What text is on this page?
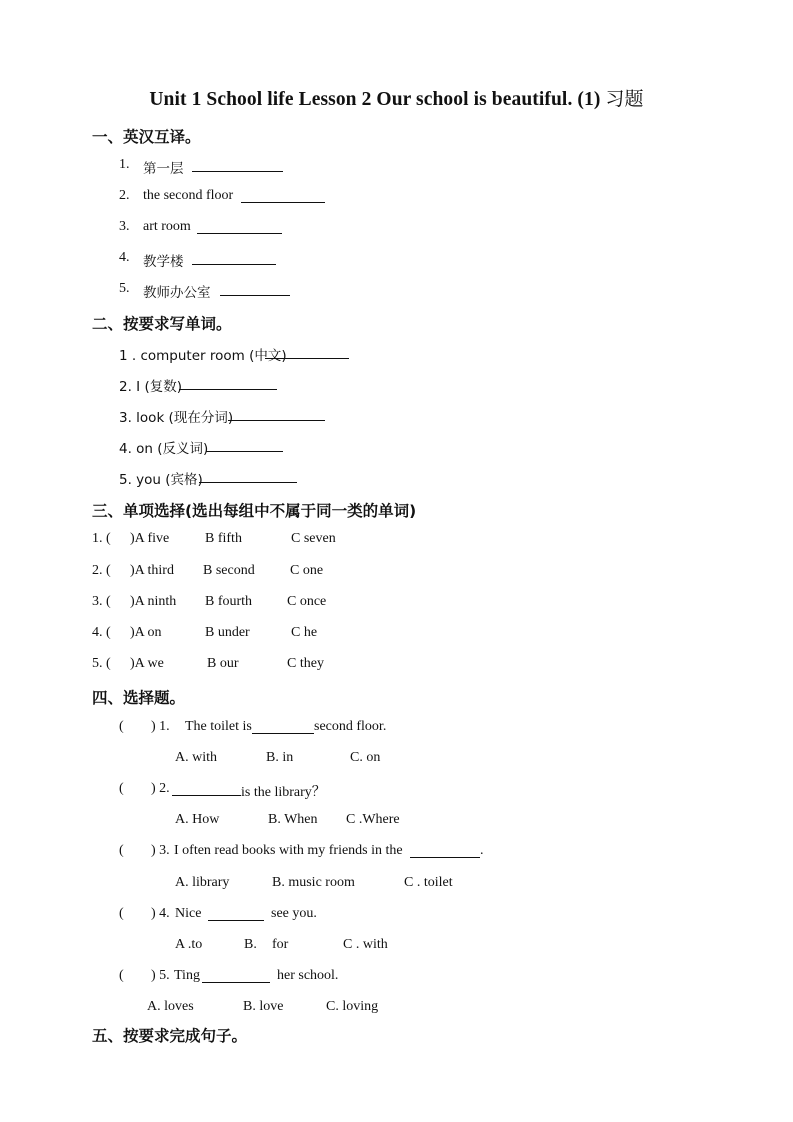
Unit 1 School life Lesson 2 Our school is beautiful. (1) 习题
一、英汉互译。
1. 第一层
2. the second floor
3. art room
4. 教学楼
5. 教师办公室
二、按要求写单词。
1 . computer room (中文)
2. I (复数)
3. look (现在分词)
4. on (反义词)
5. you (宾格)
三、单项选择(选出每组中不属于同一类的单词)
1. ( )A five	B fifth	C seven
2. ( )A third B second	C one
3. ( )A ninth B fourth C once
4. ( )A on	B under	C he
5. ( )A we	B our	C they
四、选择题。
( ) 1. The toilet is	second floor.
A. with	B. in	C. on
( ) 2.	is the library？
A. How	B. When C .Where
( ) 3. I often read books with my friends in the	.
A. library	B. music room	C . toilet
( ) 4. Nice	see you.
A .to	B. for	C . with
( ) 5. Ting	her school.
A. loves	B. love	C. loving
五、按要求完成句子。
